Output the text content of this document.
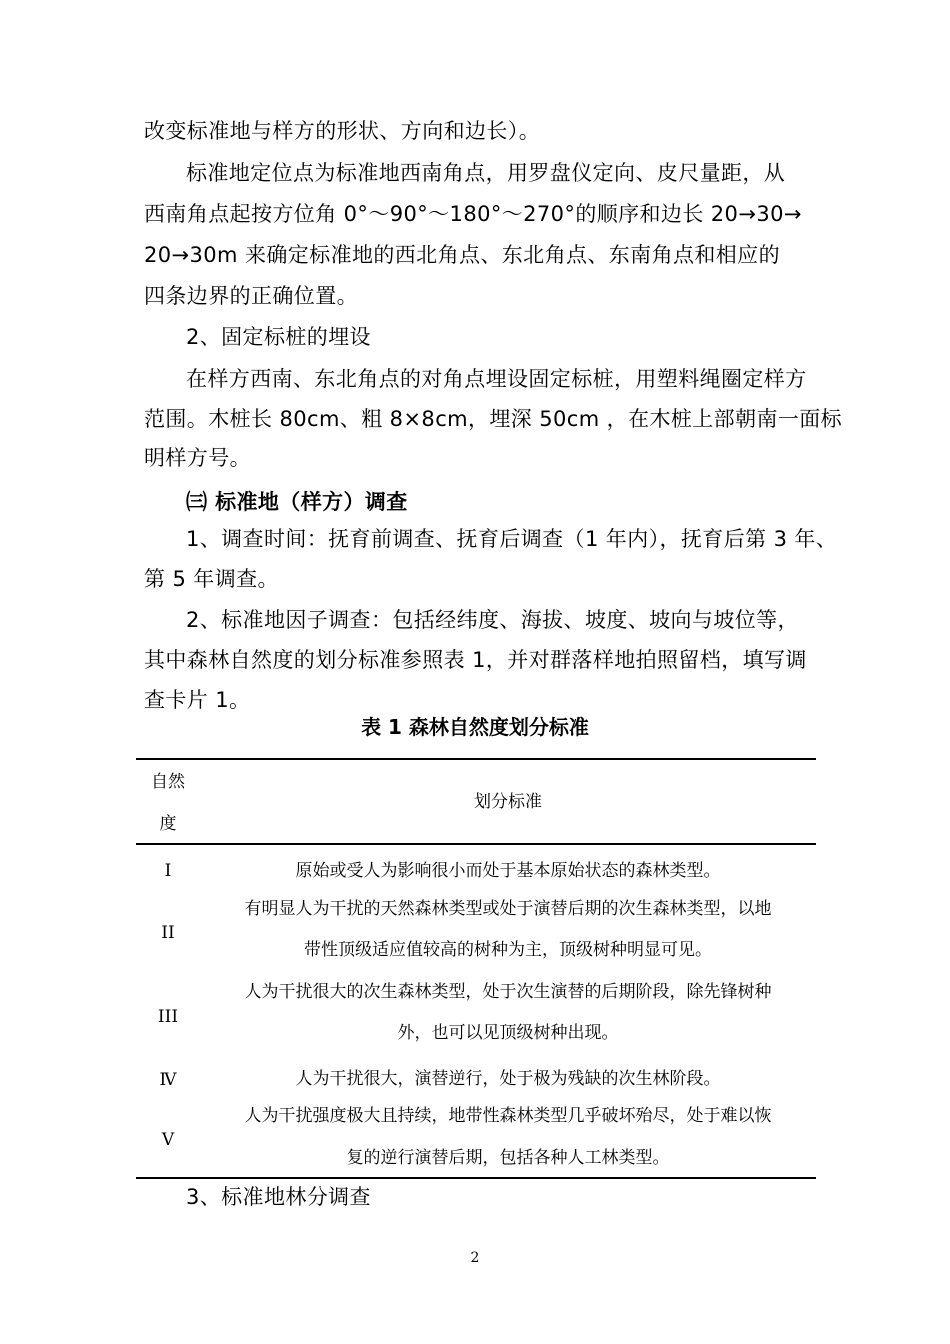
改变标准地与样方的形状、方向和边长）。
标准地定位点为标准地西南角点，用罗盘仪定向、皮尺量距，从
西南角点起按方位角 0°～90°～180°～270°的顺序和边长 20→30→
20→30m 来确定标准地的西北角点、东北角点、东南角点和相应的
四条边界的正确位置。
2、固定标桩的埋设
在样方西南、东北角点的对角点埋设固定标桩，用塑料绳圈定样方
范围。木桩长 80cm、粗 8×8cm，埋深 50cm ，在木桩上部朝南一面标
明样方号。
㈢ 标准地（样方）调查
1、调查时间：抚育前调查、抚育后调查（1 年内），抚育后第 3 年、
第 5 年调查。
2、标准地因子调查：包括经纬度、海拔、坡度、坡向与坡位等，
其中森林自然度的划分标准参照表 1，并对群落样地拍照留档，填写调
查卡片 1。
表 1 森林自然度划分标准
自然
度
划分标准
I	原始或受人为影响很小而处于基本原始状态的森林类型。
II
有明显人为干扰的天然森林类型或处于演替后期的次生森林类型，以地
带性顶级适应值较高的树种为主，顶级树种明显可见。
III
人为干扰很大的次生森林类型，处于次生演替的后期阶段，除先锋树种
外，也可以见顶级树种出现。
Ⅳ	人为干扰很大，演替逆行，处于极为残缺的次生林阶段。
V
人为干扰强度极大且持续，地带性森林类型几乎破坏殆尽，处于难以恢
复的逆行演替后期，包括各种人工林类型。
3、标准地林分调查
2
